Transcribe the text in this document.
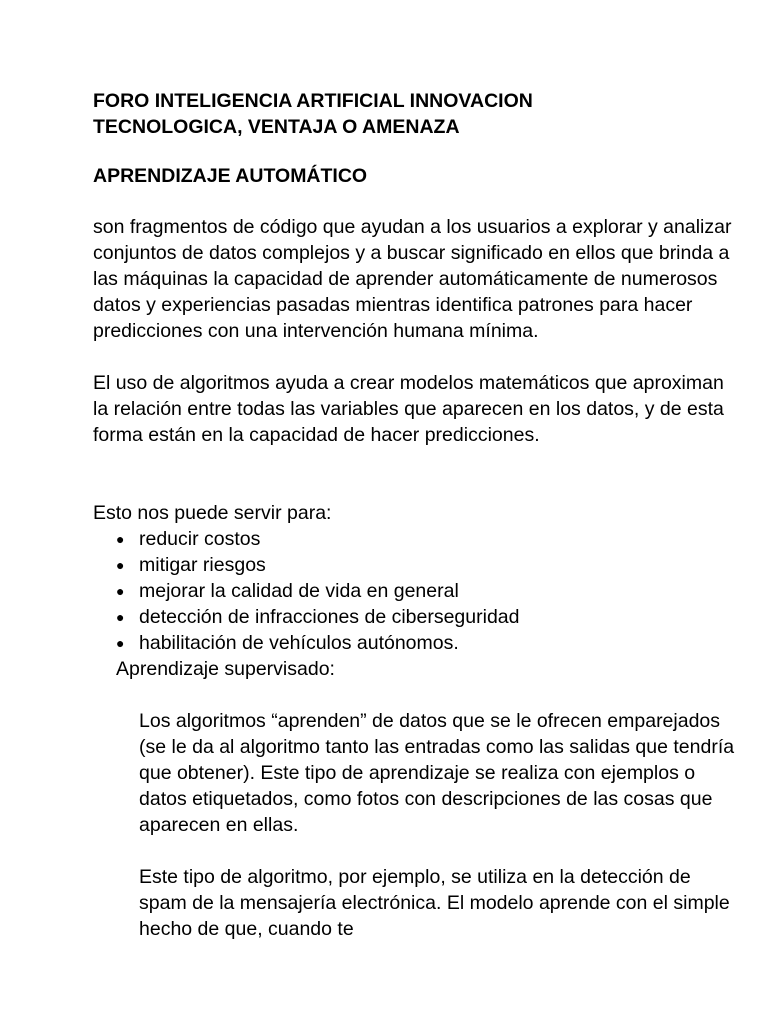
FORO INTELIGENCIA ARTIFICIAL INNOVACION
TECNOLOGICA, VENTAJA O AMENAZA
APRENDIZAJE AUTOMÁTICO

son fragmentos de código que ayudan a los usuarios a explorar y analizar conjuntos de datos complejos y a buscar significado en ellos que brinda a las máquinas la capacidad de aprender automáticamente de numerosos datos y experiencias pasadas mientras identifica patrones para hacer predicciones con una intervención humana mínima.

El uso de algoritmos ayuda a crear modelos matemáticos que aproximan la relación entre todas las variables que aparecen en los datos, y de esta forma están en la capacidad de hacer predicciones.

Esto nos puede servir para:

● reducir costos
● mitigar riesgos
● mejorar la calidad de vida en general
● detección de infracciones de ciberseguridad
● habilitación de vehículos autónomos.

Aprendizaje supervisado:

Los algoritmos “aprenden” de datos que se le ofrecen emparejados (se le da al algoritmo tanto las entradas como las salidas que tendría que obtener). Este tipo de aprendizaje se realiza con ejemplos o datos etiquetados, como fotos con descripciones de las cosas que aparecen en ellas.

Este tipo de algoritmo, por ejemplo, se utiliza en la detección de spam de la mensajería electrónica. El modelo aprende con el simple hecho de que, cuando te
